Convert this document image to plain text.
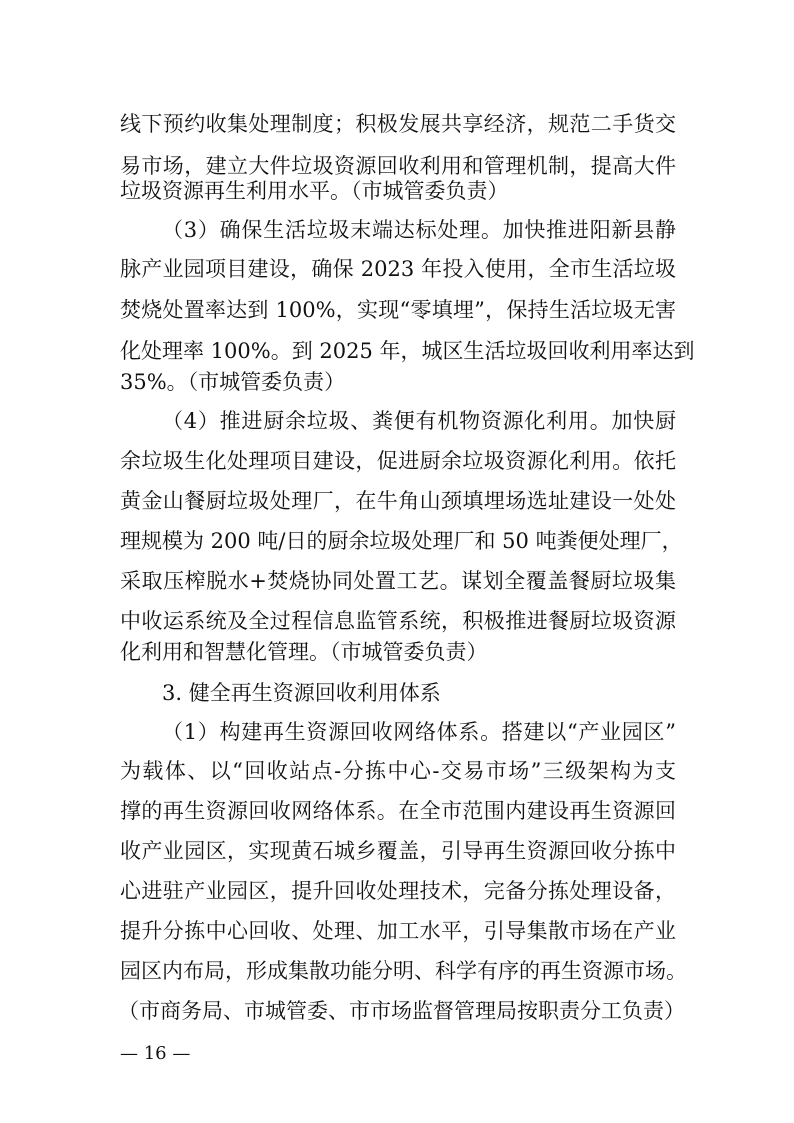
线下预约收集处理制度；积极发展共享经济，规范二手货交
易市场，建立大件垃圾资源回收利用和管理机制，提高大件
垃圾资源再生利用水平。（市城管委负责）
（3）确保生活垃圾末端达标处理。加快推进阳新县静
脉产业园项目建设，确保 2023 年投入使用，全市生活垃圾
焚烧处置率达到 100%，实现“零填埋”，保持生活垃圾无害
化处理率 100%。到 2025 年，城区生活垃圾回收利用率达到
35%。（市城管委负责）
（4）推进厨余垃圾、粪便有机物资源化利用。加快厨
余垃圾生化处理项目建设，促进厨余垃圾资源化利用。依托
黄金山餐厨垃圾处理厂，在牛角山颈填埋场选址建设一处处
理规模为 200 吨/日的厨余垃圾处理厂和 50 吨粪便处理厂，
采取压榨脱水+焚烧协同处置工艺。谋划全覆盖餐厨垃圾集
中收运系统及全过程信息监管系统，积极推进餐厨垃圾资源
化利用和智慧化管理。（市城管委负责）
3. 健全再生资源回收利用体系
（1）构建再生资源回收网络体系。搭建以“产业园区”
为载体、以“回收站点-分拣中心-交易市场”三级架构为支
撑的再生资源回收网络体系。在全市范围内建设再生资源回
收产业园区，实现黄石城乡覆盖，引导再生资源回收分拣中
心进驻产业园区，提升回收处理技术，完备分拣处理设备，
提升分拣中心回收、处理、加工水平，引导集散市场在产业
园区内布局，形成集散功能分明、科学有序的再生资源市场。
（市商务局、市城管委、市市场监督管理局按职责分工负责）
— 16 —
